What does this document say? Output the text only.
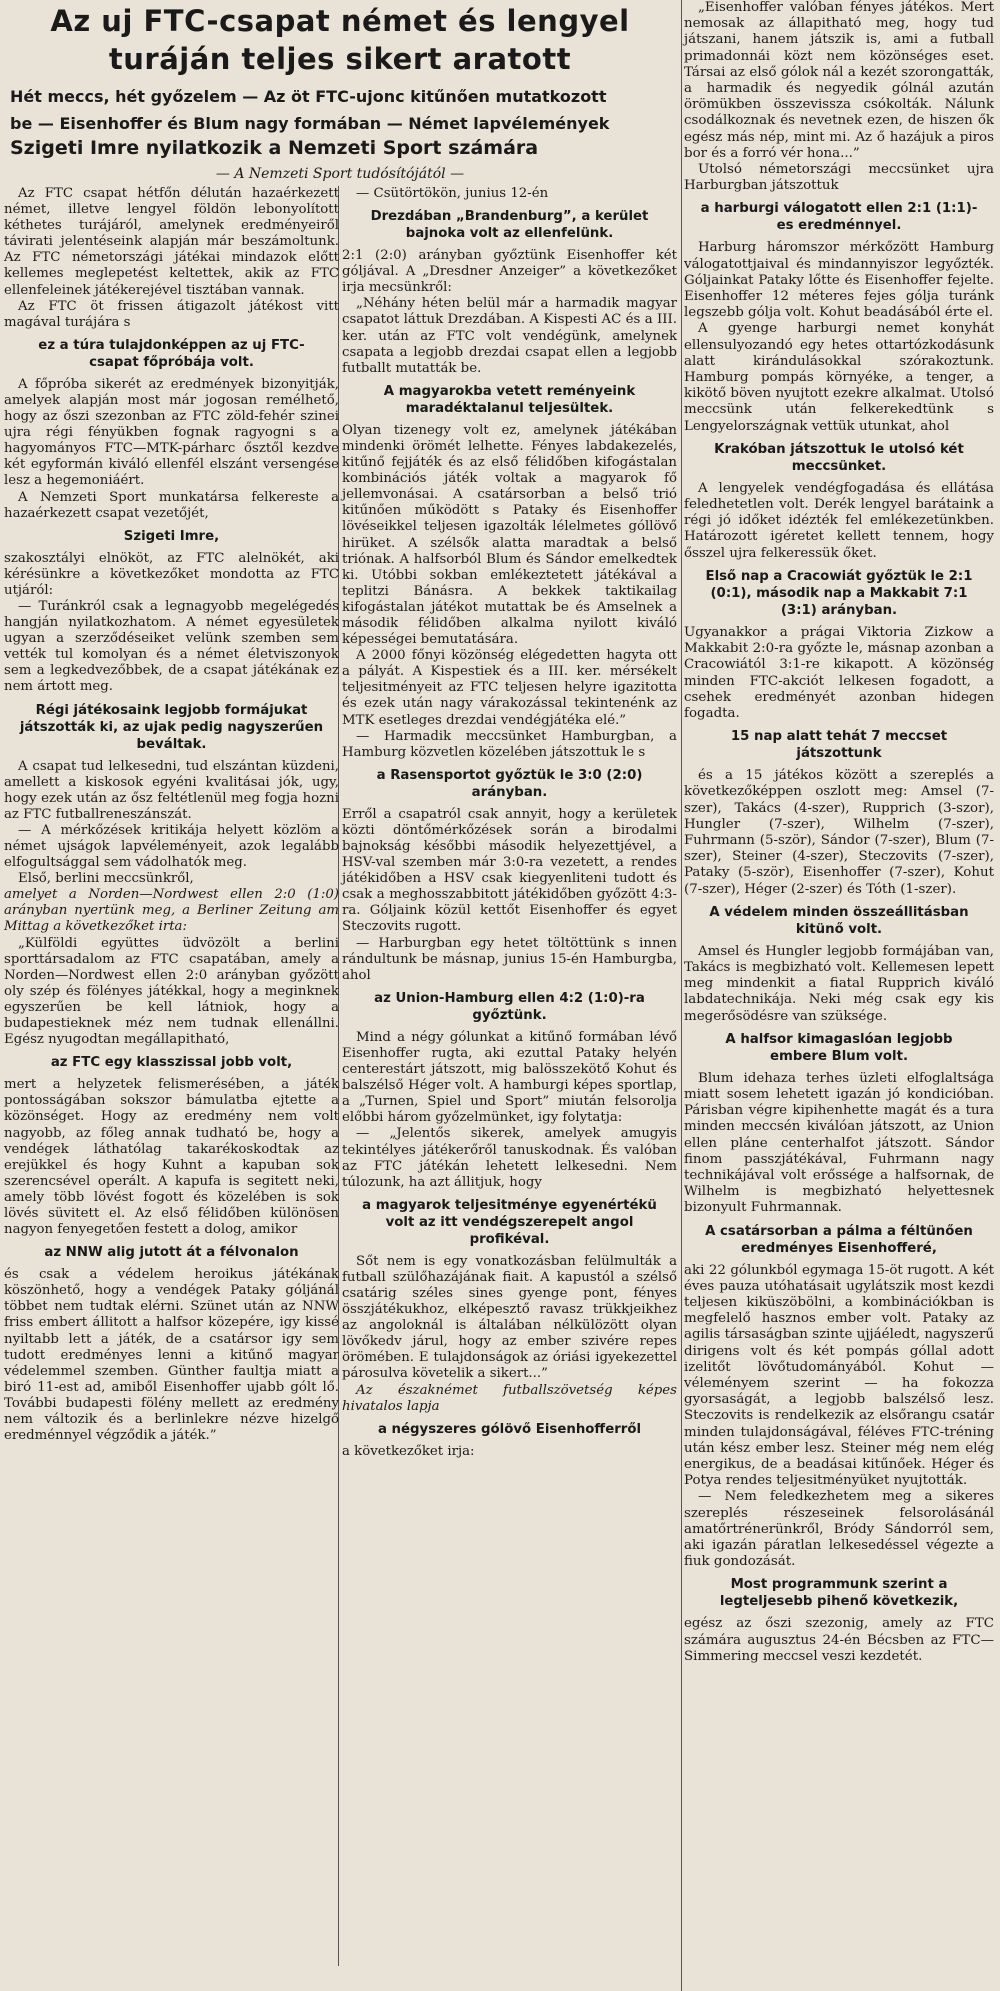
Az uj FTC-csapat német és lengyel
turáján teljes sikert aratott
Hét meccs, hét győzelem — Az öt FTC-ujonc kitűnően mutatkozott
be — Eisenhoffer és Blum nagy formában — Német lapvélemények
Szigeti Imre nyilatkozik a Nemzeti Sport számára
— A Nemzeti Sport tudósítójától —

Az FTC csapat hétfőn délután hazaérkezett német, illetve lengyel földön lebonyolított kéthetes turájáról, amelynek eredményeiről távirati jelentéseink alapján már beszámoltunk. Az FTC németországi játékai mindazok előtt kellemes meglepetést keltettek, akik az FTC ellenfeleinek játékerejével tisztában vannak.

Az FTC öt frissen átigazolt játékost vitt magával turájára s

ez a túra tulajdonképpen az uj FTC-csapat főpróbája volt.

A főpróba sikerét az eredmények bizonyitják, amelyek alapján most már jogosan remélhető, hogy az őszi szezonban az FTC zöld-fehér szinei ujra régi fényükben fognak ragyogni s a hagyományos FTC—MTK-párharc ősztől kezdve két egyformán kiváló ellenfél elszánt versengése lesz a hegemoniáért.

A Nemzeti Sport munkatársa felkereste a hazaérkezett csapat vezetőjét,

Szigeti Imre,

szakosztályi elnököt, az FTC alelnökét, aki kérésünkre a következőket mondotta az FTC utjáról:

— Turánkról csak a legnagyobb megelégedés hangján nyilatkozhatom. A német egyesületek ugyan a szerződéseiket velünk szemben sem vették tul komolyan és a német életviszonyok sem a legkedvezőbbek, de a csapat játékának ez nem ártott meg.

Régi játékosaink legjobb formájukat játszották ki, az ujak pedig nagyszerűen beváltak.

A csapat tud lelkesedni, tud elszántan küzdeni, amellett a kiskosok egyéni kvalitásai jók, ugy, hogy ezek után az ősz feltétlenül meg fogja hozni az FTC futballreneszánszát.

— A mérkőzések kritikája helyett közlöm a német ujságok lapvéleményeit, azok legalább elfogultsággal sem vádolhatók meg.

Első, berlini meccsünkről,

amelyet a Norden—Nordwest ellen 2:0 (1:0) arányban nyertünk meg, a Berliner Zeitung am Mittag a következőket irta:

„Külföldi együttes üdvözölt a berlini sporttársadalom az FTC csapatában, amely a Norden—Nordwest ellen 2:0 arányban győzött oly szép és fölényes játékkal, hogy a meginknek egyszerűen be kell látniok, hogy a budapestieknek méz nem tudnak ellenállni. Egész nyugodtan megállapitható,

az FTC egy klasszissal jobb volt,

mert a helyzetek felismerésében, a játék pontosságában sokszor bámulatba ejtette a közönséget. Hogy az eredmény nem volt nagyobb, az főleg annak tudható be, hogy a vendégek láthatólag takarékoskodtak az erejükkel és hogy Kuhnt a kapuban sok szerencsével operált. A kapufa is segitett neki, amely több lövést fogott és közelében is sok lövés süvitett el. Az első félidőben különösen nagyon fenyegetően festett a dolog, amikor

az NNW alig jutott át a félvonalon

és csak a védelem heroikus játékának köszönhető, hogy a vendégek Pataky góljánál többet nem tudtak elérni. Szünet után az NNW friss embert állitott a halfsor közepére, igy kissé nyiltabb lett a játék, de a csatársor igy sem tudott eredményes lenni a kitűnő magyar védelemmel szemben. Günther faultja miatt a biró 11-est ad, amiből Eisenhoffer ujabb gólt lő. További budapesti fölény mellett az eredmény nem változik és a berlinlekre nézve hizelgő eredménnyel végződik a játék.”

— Csütörtökön, junius 12-én

Drezdában „Brandenburg”, a kerület bajnoka volt az ellenfelünk.

2:1 (2:0) arányban győztünk Eisenhoffer két góljával. A „Dresdner Anzeiger” a következőket irja mecsünkről:

„Néhány héten belül már a harmadik magyar csapatot láttuk Drezdában. A Kispesti AC és a III. ker. után az FTC volt vendégünk, amelynek csapata a legjobb drezdai csapat ellen a legjobb futballt mutatták be.

A magyarokba vetett reményeink maradéktalanul teljesültek.

Olyan tizenegy volt ez, amelynek játékában mindenki örömét lelhette. Fényes labdakezelés, kitűnő fejjáték és az első félidőben kifogástalan kombinációs játék voltak a magyarok fő jellemvonásai. A csatársorban a belső trió kitűnően működött s Pataky és Eisenhoffer lövéseikkel teljesen igazolták lélelmetes góllövő hirüket. A szélsők alatta maradtak a belső triónak. A halfsorból Blum és Sándor emelkedtek ki. Utóbbi sokban emlékeztetett játékával a teplitzi Bánásra. A bekkek taktikailag kifogástalan játékot mutattak be és Amselnek a második félidőben alkalma nyilott kiváló képességei bemutatására.

A 2000 főnyi közönség elégedetten hagyta ott a pályát. A Kispestiek és a III. ker. mérsékelt teljesitményeit az FTC teljesen helyre igazitotta és ezek után nagy várakozással tekintenénk az MTK esetleges drezdai vendégjátéka elé.”

— Harmadik meccsünket Hamburgban, a Hamburg közvetlen közelében játszottuk le s

a Rasensportot győztük le 3:0 (2:0) arányban.

Erről a csapatról csak annyit, hogy a kerületek közti döntőmérkőzések során a birodalmi bajnokság későbbi második helyezettjével, a HSV-val szemben már 3:0-ra vezetett, a rendes játékidőben a HSV csak kiegyenliteni tudott és csak a meghosszabbitott játékidőben győzött 4:3-ra. Góljaink közül kettőt Eisenhoffer és egyet Steczovits rugott.

— Harburgban egy hetet töltöttünk s innen rándultunk be másnap, junius 15-én Hamburgba, ahol

az Union-Hamburg ellen 4:2 (1:0)-ra győztünk.

Mind a négy gólunkat a kitűnő formában lévő Eisenhoffer rugta, aki ezuttal Pataky helyén centerestárt játszott, mig balösszekötő Kohut és balszélső Héger volt. A hamburgi képes sportlap, a „Turnen, Spiel und Sport” miután felsorolja előbbi három győzelmünket, igy folytatja:

— „Jelentős sikerek, amelyek amugyis tekintélyes játékerőről tanuskodnak. És valóban az FTC játékán lehetett lelkesedni. Nem túlozunk, ha azt állitjuk, hogy

a magyarok teljesitménye egyenértékü volt az itt vendégszerepelt angol profikéval.

Sőt nem is egy vonatkozásban felülmulták a futball szülőhazájának fiait. A kapustól a szélső csatárig széles sines gyenge pont, fényes összjátékukhoz, elképesztő ravasz trükkjeikhez az angoloknál is általában nélkülözött olyan lövőkedv járul, hogy az ember szivére repes örömében. E tulajdonságok az óriási igyekezettel párosulva követelik a sikert...”

Az északnémet futballszövetség képes hivatalos lapja

a négyszeres gólövő Eisenhofferről

a következőket irja:

„Eisenhoffer valóban fényes játékos. Mert nemosak az állapitható meg, hogy tud játszani, hanem játszik is, ami a futball primadonnái közt nem közönséges eset. Társai az első gólok nál a kezét szorongatták, a harmadik és negyedik gólnál azután örömükben összevissza csókolták. Nálunk csodálkoznak és nevetnek ezen, de hiszen ők egész más nép, mint mi. Az ő hazájuk a piros bor és a forró vér hona...”

Utolsó németországi meccsünket ujra Harburgban játszottuk

a harburgi válogatott ellen 2:1 (1:1)-es eredménnyel.

Harburg háromszor mérkőzött Hamburg válogatottjaival és mindannyiszor legyőzték. Góljainkat Pataky lőtte és Eisenhoffer fejelte. Eisenhoffer 12 méteres fejes gólja turánk legszebb gólja volt. Kohut beadásából érte el.

A gyenge harburgi nemet konyhát ellensulyozandó egy hetes ottartózkodásunk alatt kirándulásokkal szórakoztunk. Hamburg pompás környéke, a tenger, a kikötő böven nyujtott ezekre alkalmat. Utolsó meccsünk után felkerekedtünk s Lengyelországnak vettük utunkat, ahol

Krakóban játszottuk le utolsó két meccsünket.

A lengyelek vendégfogadása és ellátása feledhetetlen volt. Derék lengyel barátaink a régi jó időket idézték fel emlékezetünkben. Határozott igéretet kellett tennem, hogy ősszel ujra felkeressük őket.

Első nap a Cracowiát győztük le 2:1 (0:1), második nap a Makkabit 7:1 (3:1) arányban.

Ugyanakkor a prágai Viktoria Zizkow a Makkabit 2:0-ra győzte le, másnap azonban a Cracowiától 3:1-re kikapott. A közönség minden FTC-akciót lelkesen fogadott, a csehek eredményét azonban hidegen fogadta.

15 nap alatt tehát 7 meccset játszottunk

és a 15 játékos között a szereplés a következőképpen oszlott meg: Amsel (7-szer), Takács (4-szer), Rupprich (3-szor), Hungler (7-szer), Wilhelm (7-szer), Fuhrmann (5-ször), Sándor (7-szer), Blum (7-szer), Steiner (4-szer), Steczovits (7-szer), Pataky (5-ször), Eisenhoffer (7-szer), Kohut (7-szer), Héger (2-szer) és Tóth (1-szer).

A védelem minden összeállitásban kitünő volt.

Amsel és Hungler legjobb formájában van, Takács is megbizható volt. Kellemesen lepett meg mindenkit a fiatal Rupprich kiváló labdatechnikája. Neki még csak egy kis megerősödésre van szüksége.

A halfsor kimagaslóan legjobb embere Blum volt.

Blum idehaza terhes üzleti elfoglaltsága miatt sosem lehetett igazán jó kondicióban. Párisban végre kipihenhette magát és a tura minden meccsén kiválóan játszott, az Union ellen pláne centerhalfot játszott. Sándor finom passzjátékával, Fuhrmann nagy technikájával volt erőssége a halfsornak, de Wilhelm is megbizható helyettesnek bizonyult Fuhrmannak.

A csatársorban a pálma a féltünően eredményes Eisenhofferé,

aki 22 gólunkból egymaga 15-öt rugott. A két éves pauza utóhatásait ugylátszik most kezdi teljesen kiküszöbölni, a kombinációkban is megfelelő hasznos ember volt. Pataky az agilis társaságban szinte ujjáéledt, nagyszerű dirigens volt és két pompás góllal adott izelitőt lövőtudományából. Kohut — véleményem szerint — ha fokozza gyorsaságát, a legjobb balszélső lesz. Steczovits is rendelkezik az elsőrangu csatár minden tulajdonságával, féléves FTC-tréning után kész ember lesz. Steiner még nem elég energikus, de a beadásai kitűnőek. Héger és Potya rendes teljesitményüket nyujtották.

— Nem feledkezhetem meg a sikeres szereplés részeseinek felsorolásánál amatőrtrénerünkről, Bródy Sándorról sem, aki igazán páratlan lelkesedéssel végezte a fiuk gondozását.

Most programmunk szerint a legteljesebb pihenő következik,

egész az őszi szezonig, amely az FTC számára augusztus 24-én Bécsben az FTC—Simmering meccsel veszi kezdetét.
